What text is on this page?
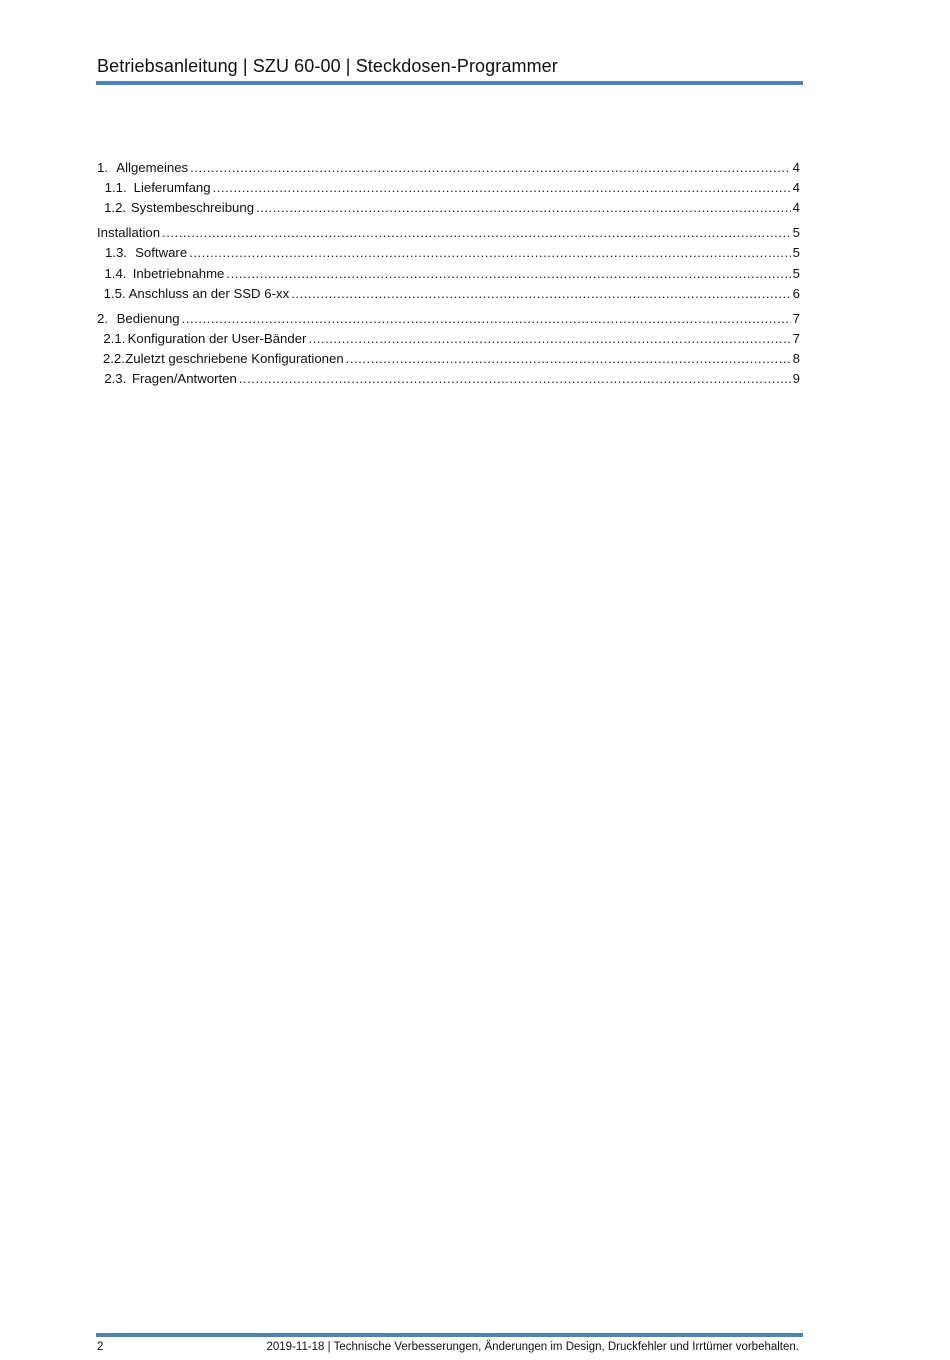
Betriebsanleitung | SZU 60-00 | Steckdosen-Programmer
1. Allgemeines .....	4
1.1. Lieferumfang .....	4
1.2. Systembeschreibung .....	4
Installation .....	5
1.3. Software .....	5
1.4. Inbetriebnahme .....	5
1.5. Anschluss an der SSD 6-xx .....	6
2. Bedienung .....	7
2.1. Konfiguration der User-Bänder .....	7
2.2. Zuletzt geschriebene Konfigurationen .....	8
2.3. Fragen/Antworten .....	9
2	2019-11-18 | Technische Verbesserungen, Änderungen im Design, Druckfehler und Irrtümer vorbehalten.
